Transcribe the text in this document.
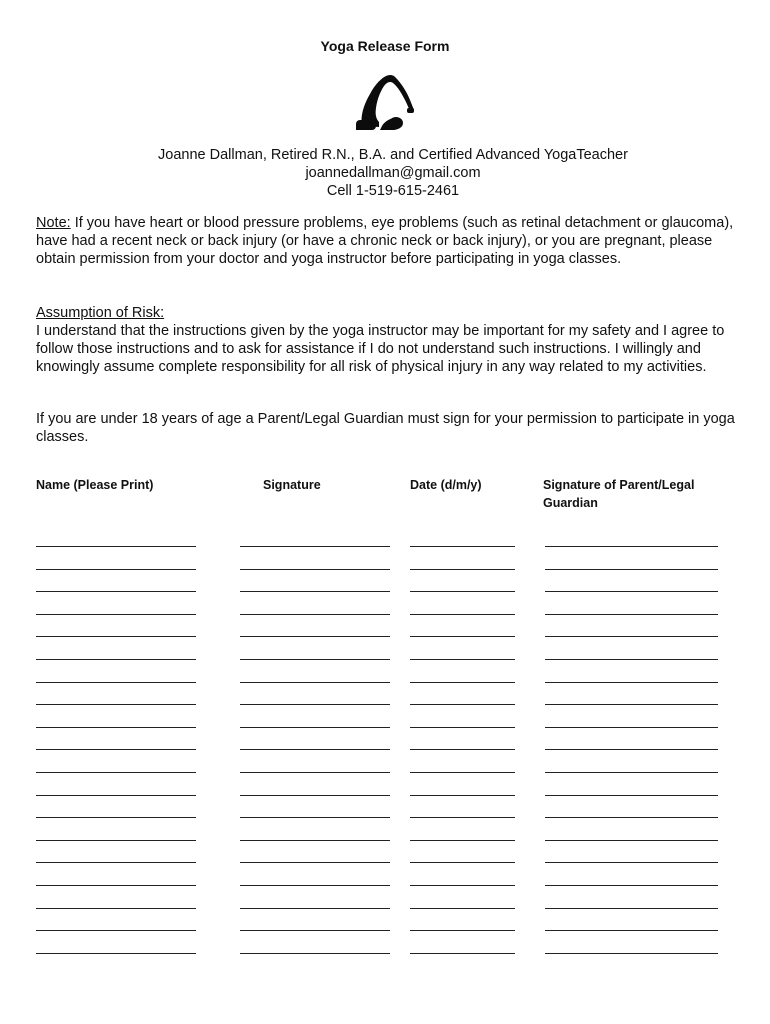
Yoga Release Form
Joanne Dallman, Retired R.N., B.A. and Certified Advanced YogaTeacher
joannedallman@gmail.com
Cell 1-519-615-2461
Note: If you have heart or blood pressure problems, eye problems (such as retinal detachment or glaucoma), have had a recent neck or back injury (or have a chronic neck or back injury), or you are pregnant, please obtain permission from your doctor and yoga instructor before participating in yoga classes.
Assumption of Risk:
I understand that the instructions given by the yoga instructor may be important for my safety and I agree to follow those instructions and to ask for assistance if I do not understand such instructions. I willingly and knowingly assume complete responsibility for all risk of physical injury in any way related to my activities.
If you are under 18 years of age a Parent/Legal Guardian must sign for your permission to participate in yoga classes.
Name (Please Print)	Signature	Date (d/m/y)	Signature of Parent/Legal Guardian
